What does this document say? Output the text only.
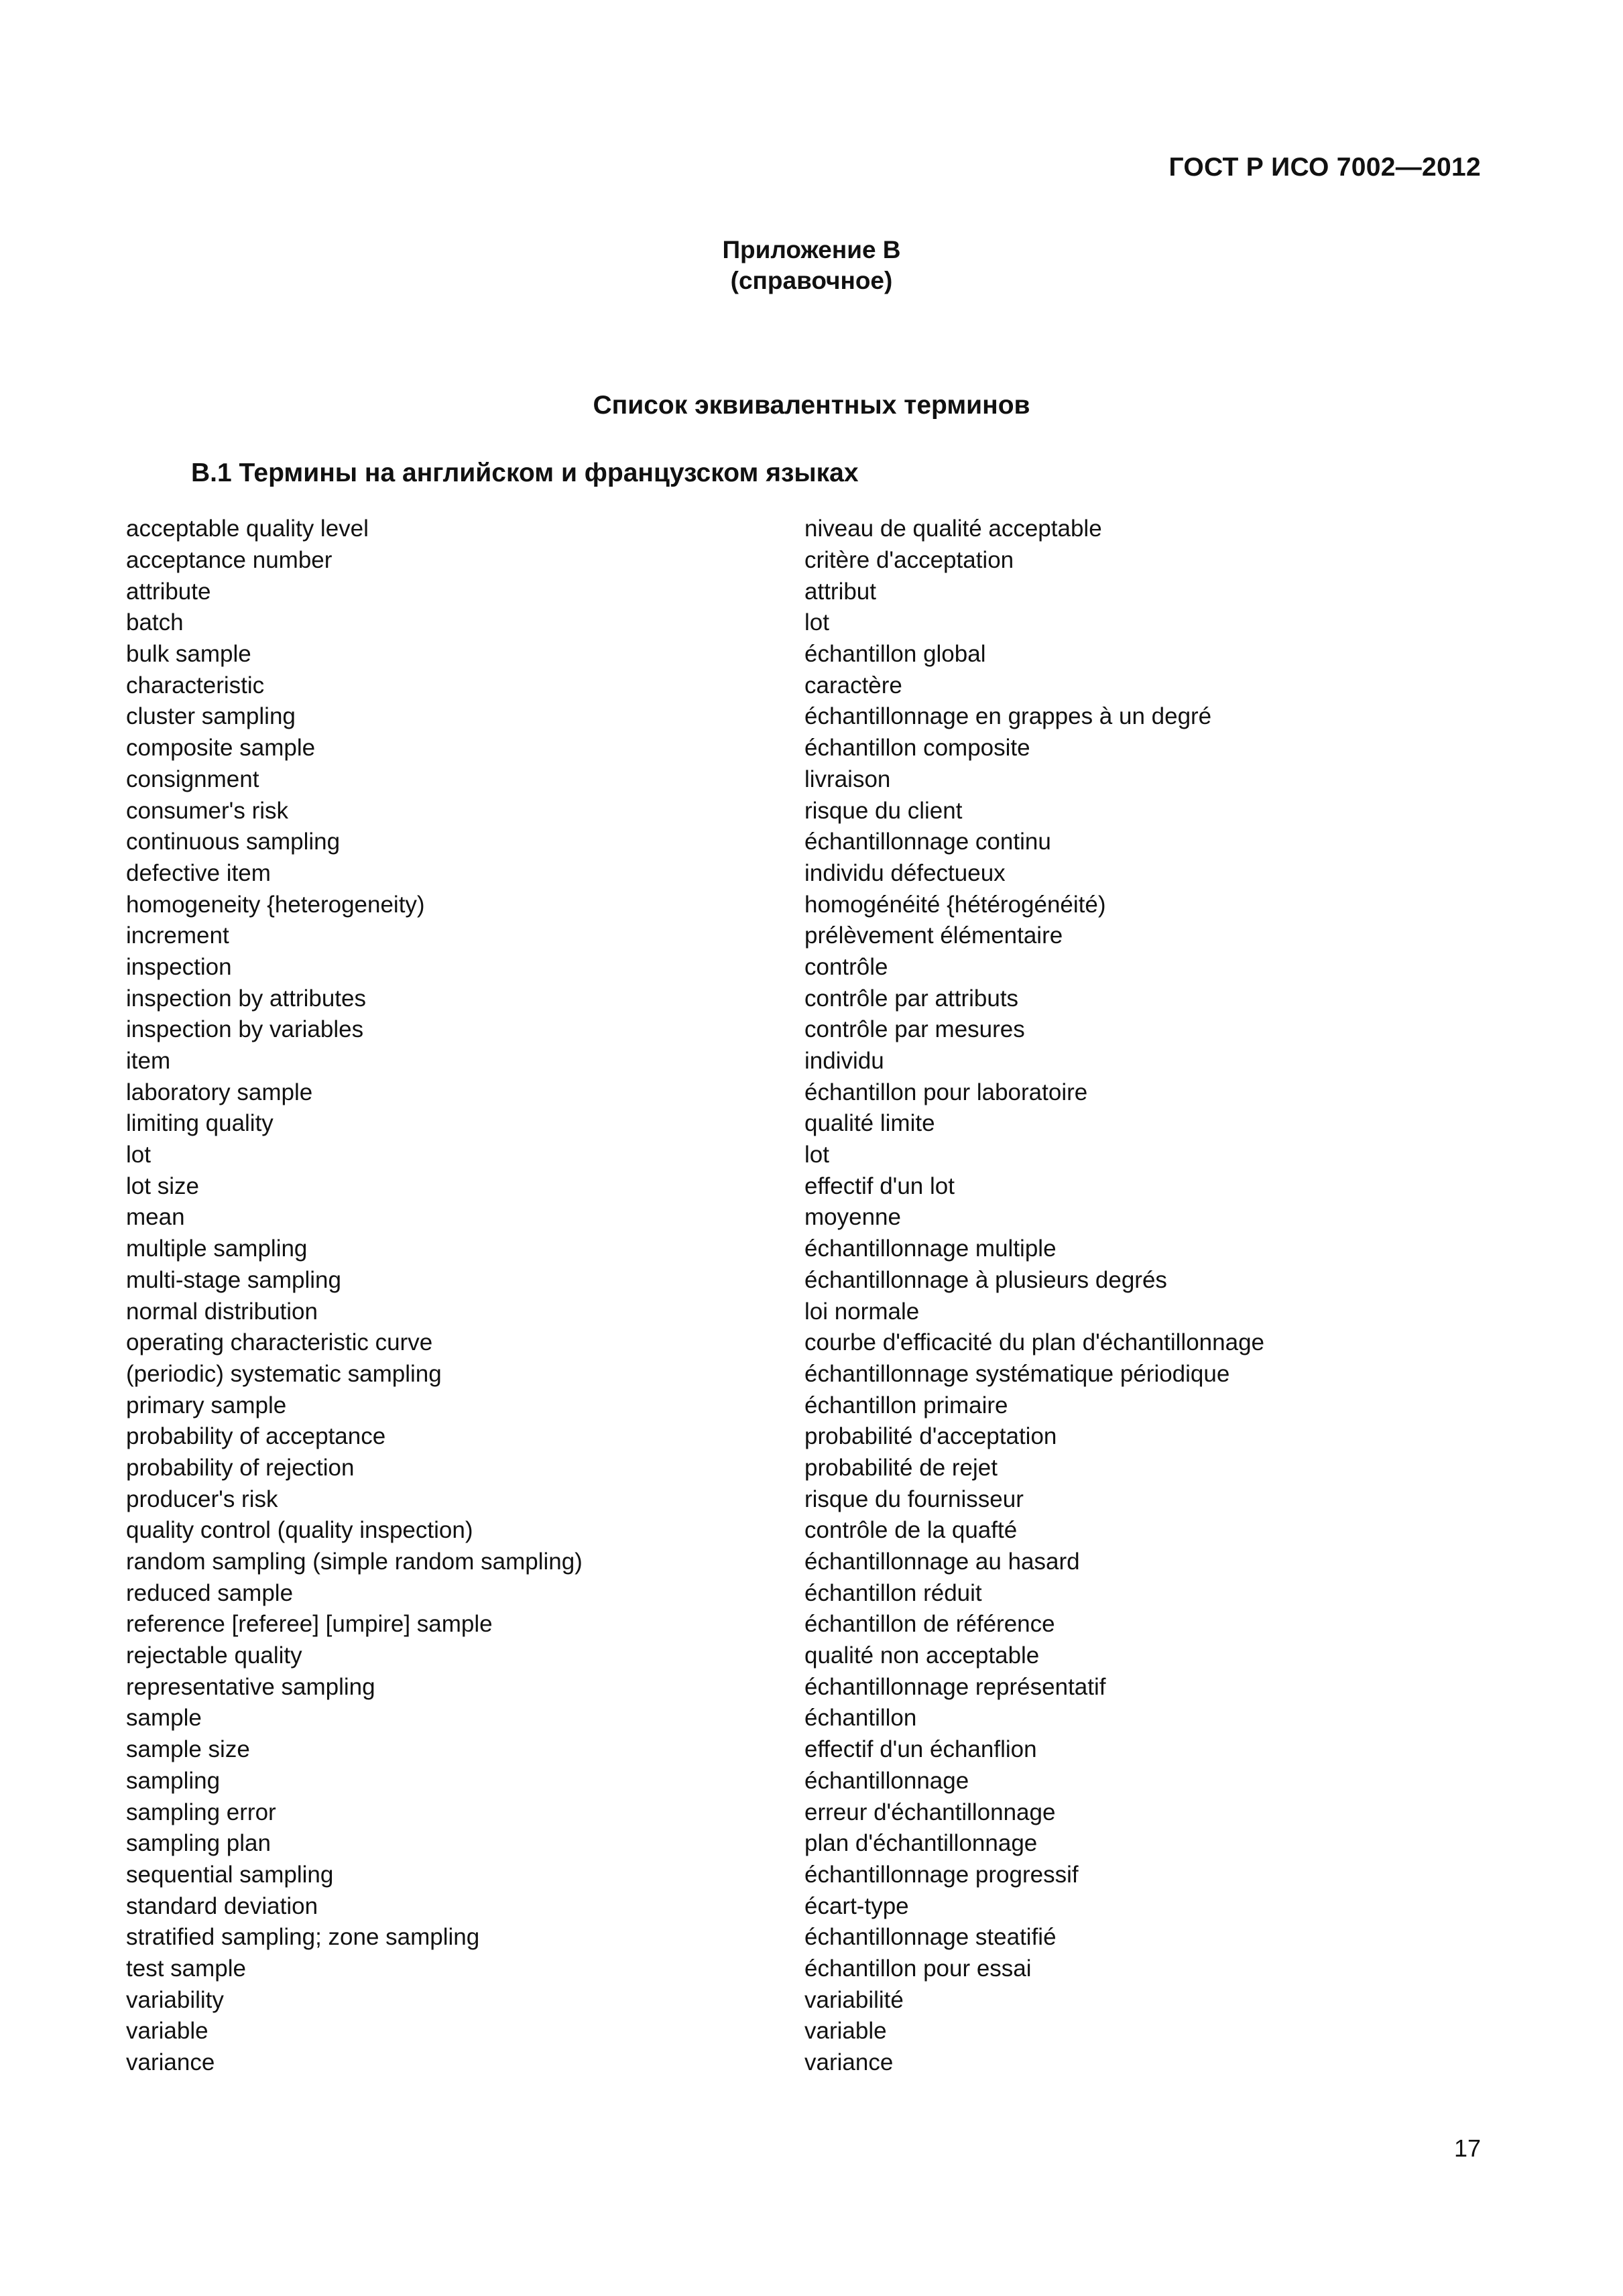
ГОСТ Р ИСО 7002—2012
Приложение В
(справочное)
Список эквивалентных терминов
В.1 Термины на английском и французском языках
acceptable quality level	niveau de qualité acceptable
acceptance number	critère d'acceptation
attribute	attribut
batch	lot
bulk sample	échantillon global
characteristic	caractère
cluster sampling	échantillonnage en grappes à un degré
composite sample	échantillon composite
consignment	livraison
consumer's risk	risque du client
continuous sampling	échantillonnage continu
defective item	individu défectueux
homogeneity {heterogeneity)	homogénéité {hétérogénéité)
increment	prélèvement élémentaire
inspection	contrôle
inspection by attributes	contrôle par attributs
inspection by variables	contrôle par mesures
item	individu
laboratory sample	échantillon pour laboratoire
limiting quality	qualité limite
lot	lot
lot size	effectif d'un lot
mean	moyenne
multiple sampling	échantillonnage multiple
multi-stage sampling	échantillonnage à plusieurs degrés
normal distribution	loi normale
operating characteristic curve	courbe d'efficacité du plan d'échantillonnage
(periodic) systematic sampling	échantillonnage systématique périodique
primary sample	échantillon primaire
probability of acceptance	probabilité d'acceptation
probability of rejection	probabilité de rejet
producer's risk	risque du fournisseur
quality control (quality inspection)	contrôle de la quafté
random sampling (simple random sampling)	échantillonnage au hasard
reduced sample	échantillon réduit
reference [referee] [umpire] sample	échantillon de référence
rejectable quality	qualité non acceptable
representative sampling	échantillonnage représentatif
sample	échantillon
sample size	effectif d'un échanflion
sampling	échantillonnage
sampling error	erreur d'échantillonnage
sampling plan	plan d'échantillonnage
sequential sampling	échantillonnage progressif
standard deviation	écart-type
stratified sampling; zone sampling	échantillonnage steatifié
test sample	échantillon pour essai
variability	variabilité
variable	variable
variance	variance
17
